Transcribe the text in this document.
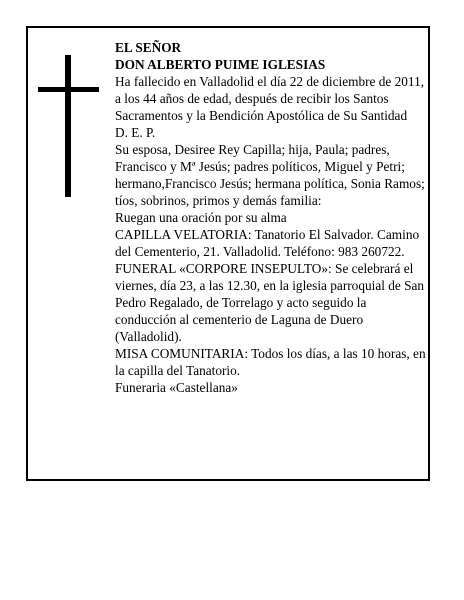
EL SEÑOR

DON ALBERTO PUIME IGLESIAS

Ha fallecido en Valladolid el día 22 de diciembre de 2011, a los 44 años de edad, después de recibir los Santos Sacramentos y la Bendición Apostólica de Su Santidad

D. E. P.

Su esposa, Desiree Rey Capilla; hija, Paula; padres, Francisco y Mª Jesús; padres políticos, Miguel y Petri; hermano,Francisco Jesús; hermana política, Sonia Ramos; tíos, sobrinos, primos y demás familia:

Ruegan una oración por su alma

CAPILLA VELATORIA: Tanatorio El Salvador. Camino del Cementerio, 21. Valladolid. Teléfono: 983 260722.

FUNERAL «CORPORE INSEPULTO»: Se celebrará el viernes, día 23, a las 12.30, en la iglesia parroquial de San Pedro Regalado, de Torrelago y acto seguido la conducción al cementerio de Laguna de Duero (Valladolid).

MISA COMUNITARIA: Todos los días, a las 10 horas, en la capilla del Tanatorio.

Funeraria «Castellana»
